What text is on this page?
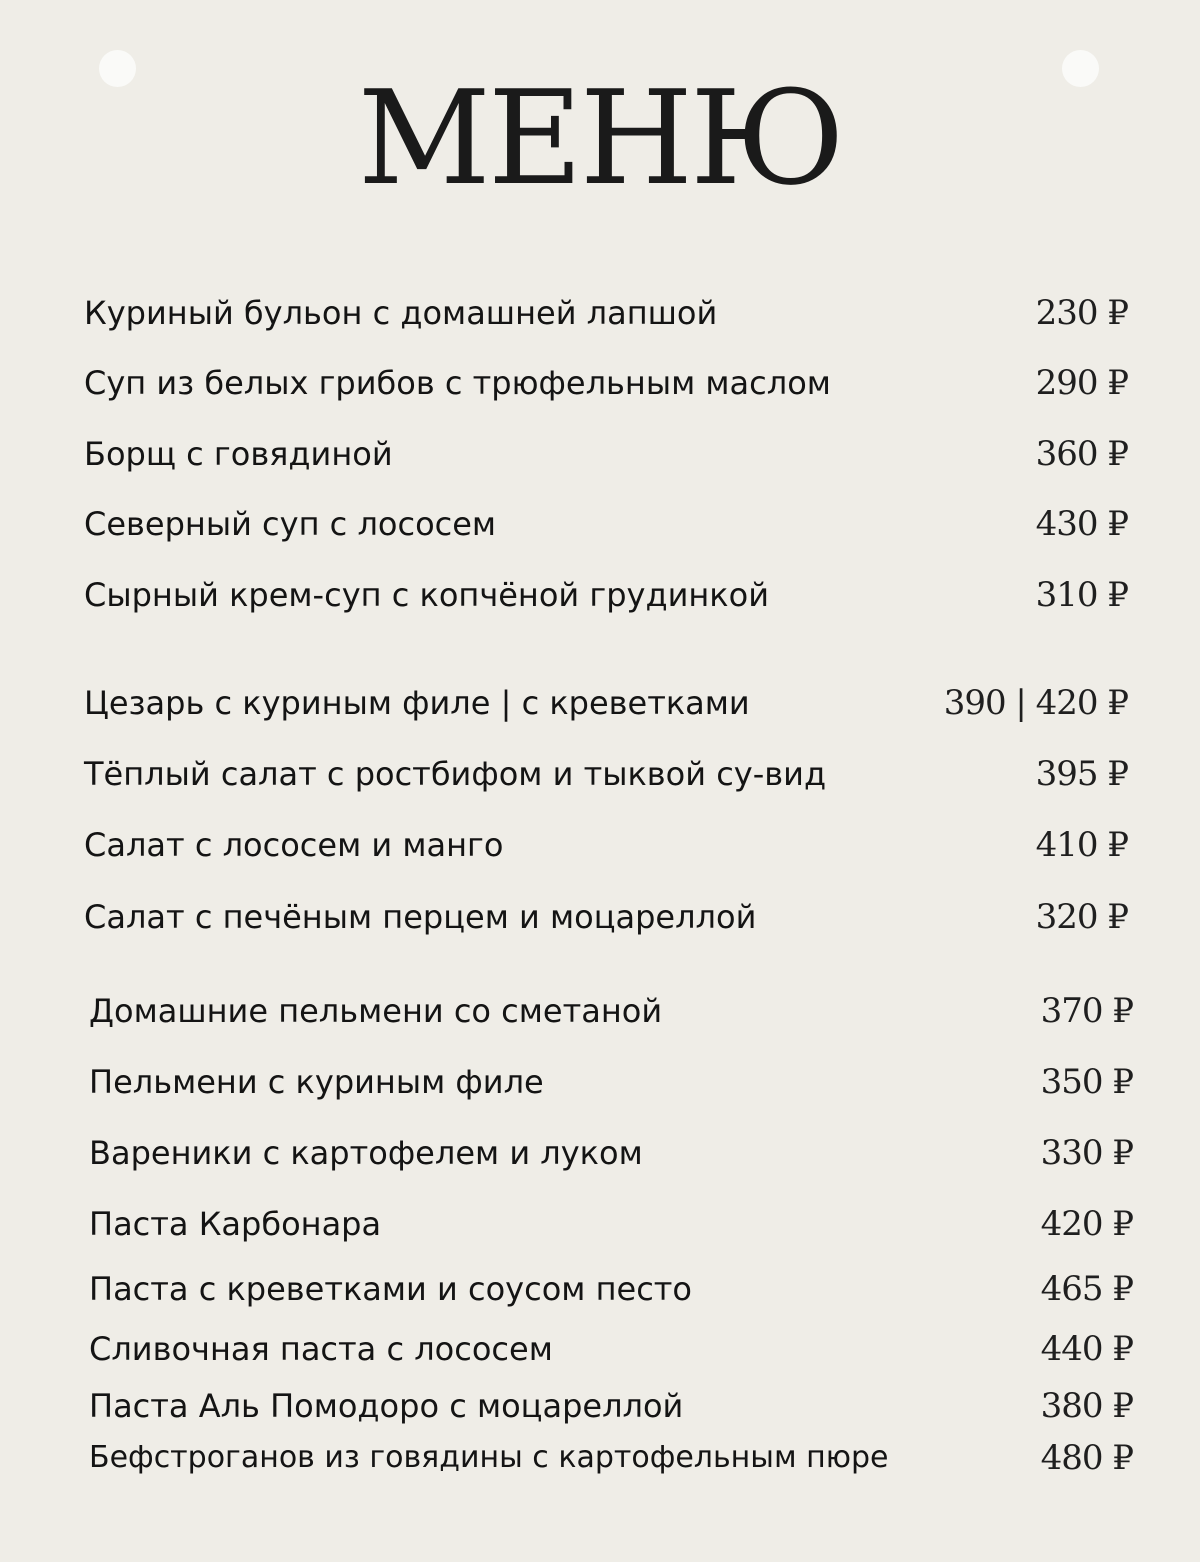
МЕНЮ
Куриный бульон с домашней лапшой	230 ₽
Суп из белых грибов с трюфельным маслом	290 ₽
Борщ с говядиной	360 ₽
Северный суп с лососем	430 ₽
Сырный крем-суп с копчёной грудинкой	310 ₽
Цезарь с куриным филе | с креветками	390 | 420 ₽
Тёплый салат с ростбифом и тыквой су-вид	395 ₽
Салат с лососем и манго	410 ₽
Салат с печёным перцем и моцареллой	320 ₽
Домашние пельмени со сметаной	370 ₽
Пельмени с куриным филе	350 ₽
Вареники с картофелем и луком	330 ₽
Паста Карбонара	420 ₽
Паста с креветками и соусом песто	465 ₽
Сливочная паста с лососем	440 ₽
Паста Аль Помодоро с моцареллой	380 ₽
Бефстроганов из говядины с картофельным пюре	480 ₽
